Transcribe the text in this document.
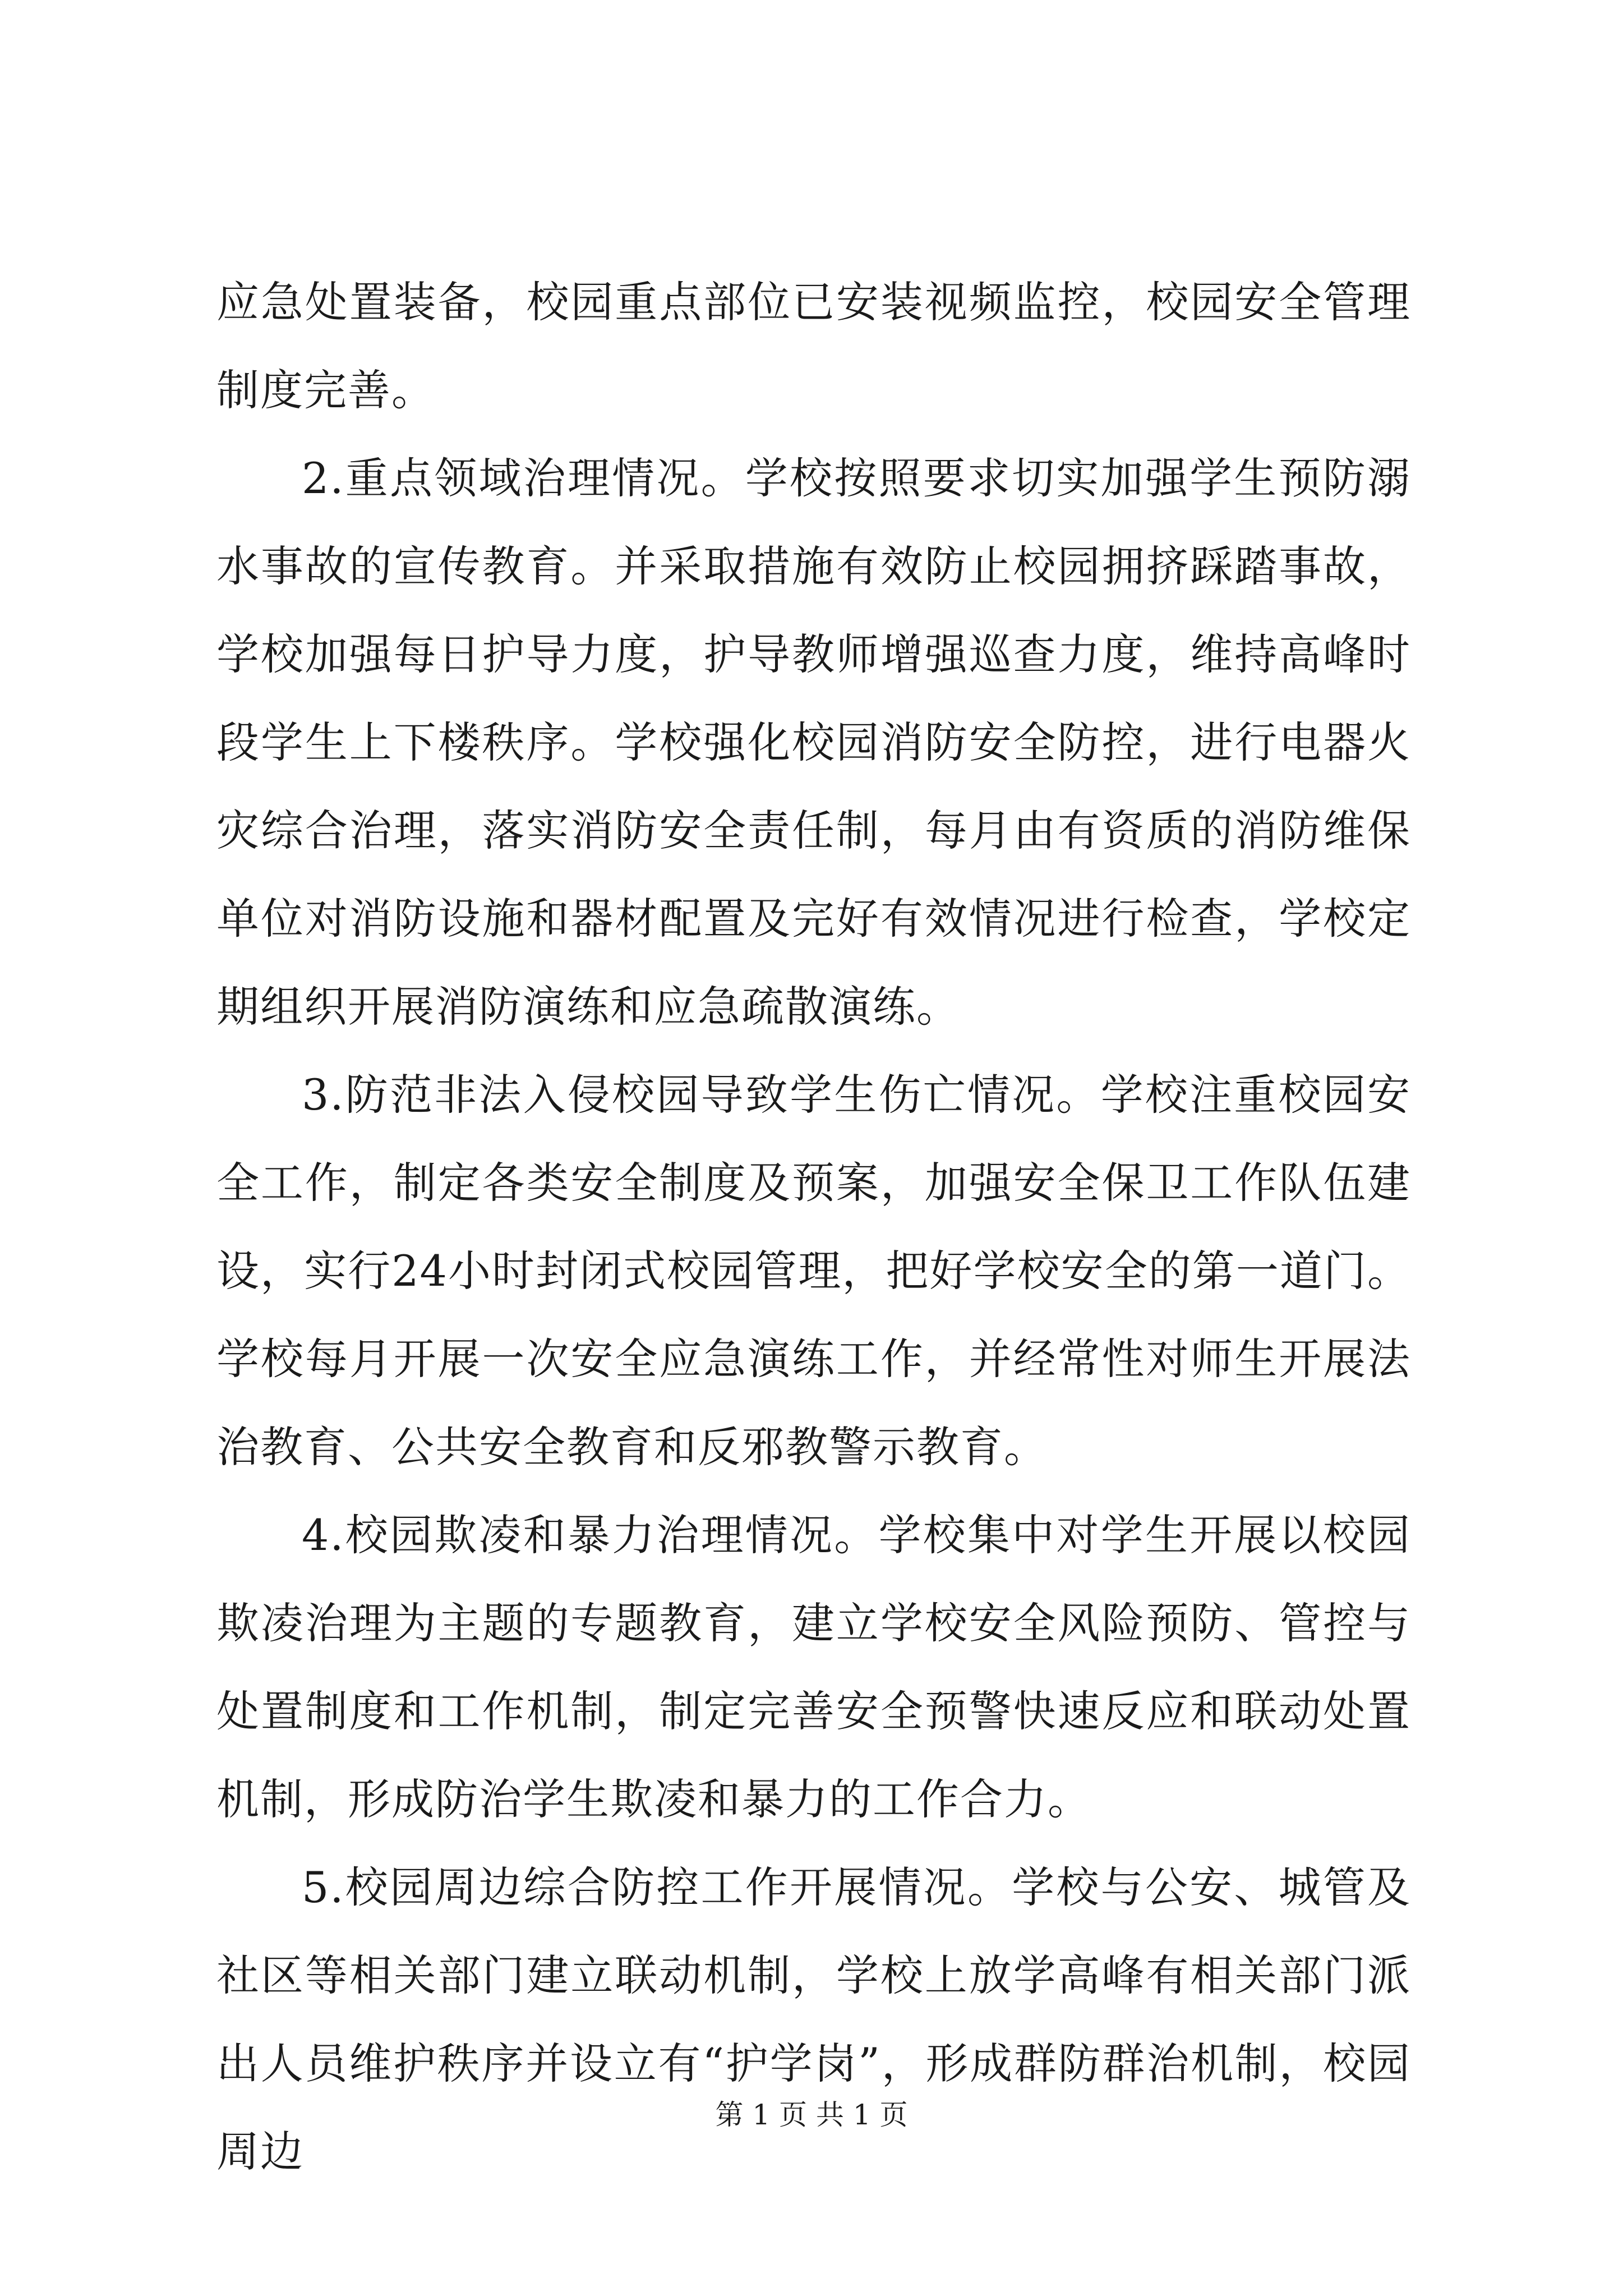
应急处置装备，校园重点部位已安装视频监控，校园安全管理制度完善。

2.重点领域治理情况。学校按照要求切实加强学生预防溺水事故的宣传教育。并采取措施有效防止校园拥挤踩踏事故，学校加强每日护导力度，护导教师增强巡查力度，维持高峰时段学生上下楼秩序。学校强化校园消防安全防控，进行电器火灾综合治理，落实消防安全责任制，每月由有资质的消防维保单位对消防设施和器材配置及完好有效情况进行检查，学校定期组织开展消防演练和应急疏散演练。

3.防范非法入侵校园导致学生伤亡情况。学校注重校园安全工作，制定各类安全制度及预案，加强安全保卫工作队伍建设，实行24小时封闭式校园管理，把好学校安全的第一道门。学校每月开展一次安全应急演练工作，并经常性对师生开展法治教育、公共安全教育和反邪教警示教育。

4.校园欺凌和暴力治理情况。学校集中对学生开展以校园欺凌治理为主题的专题教育，建立学校安全风险预防、管控与处置制度和工作机制，制定完善安全预警快速反应和联动处置机制，形成防治学生欺凌和暴力的工作合力。

5.校园周边综合防控工作开展情况。学校与公安、城管及社区等相关部门建立联动机制，学校上放学高峰有相关部门派出人员维护秩序并设立有“护学岗”，形成群防群治机制，校园周边

第 1 页 共 1 页
